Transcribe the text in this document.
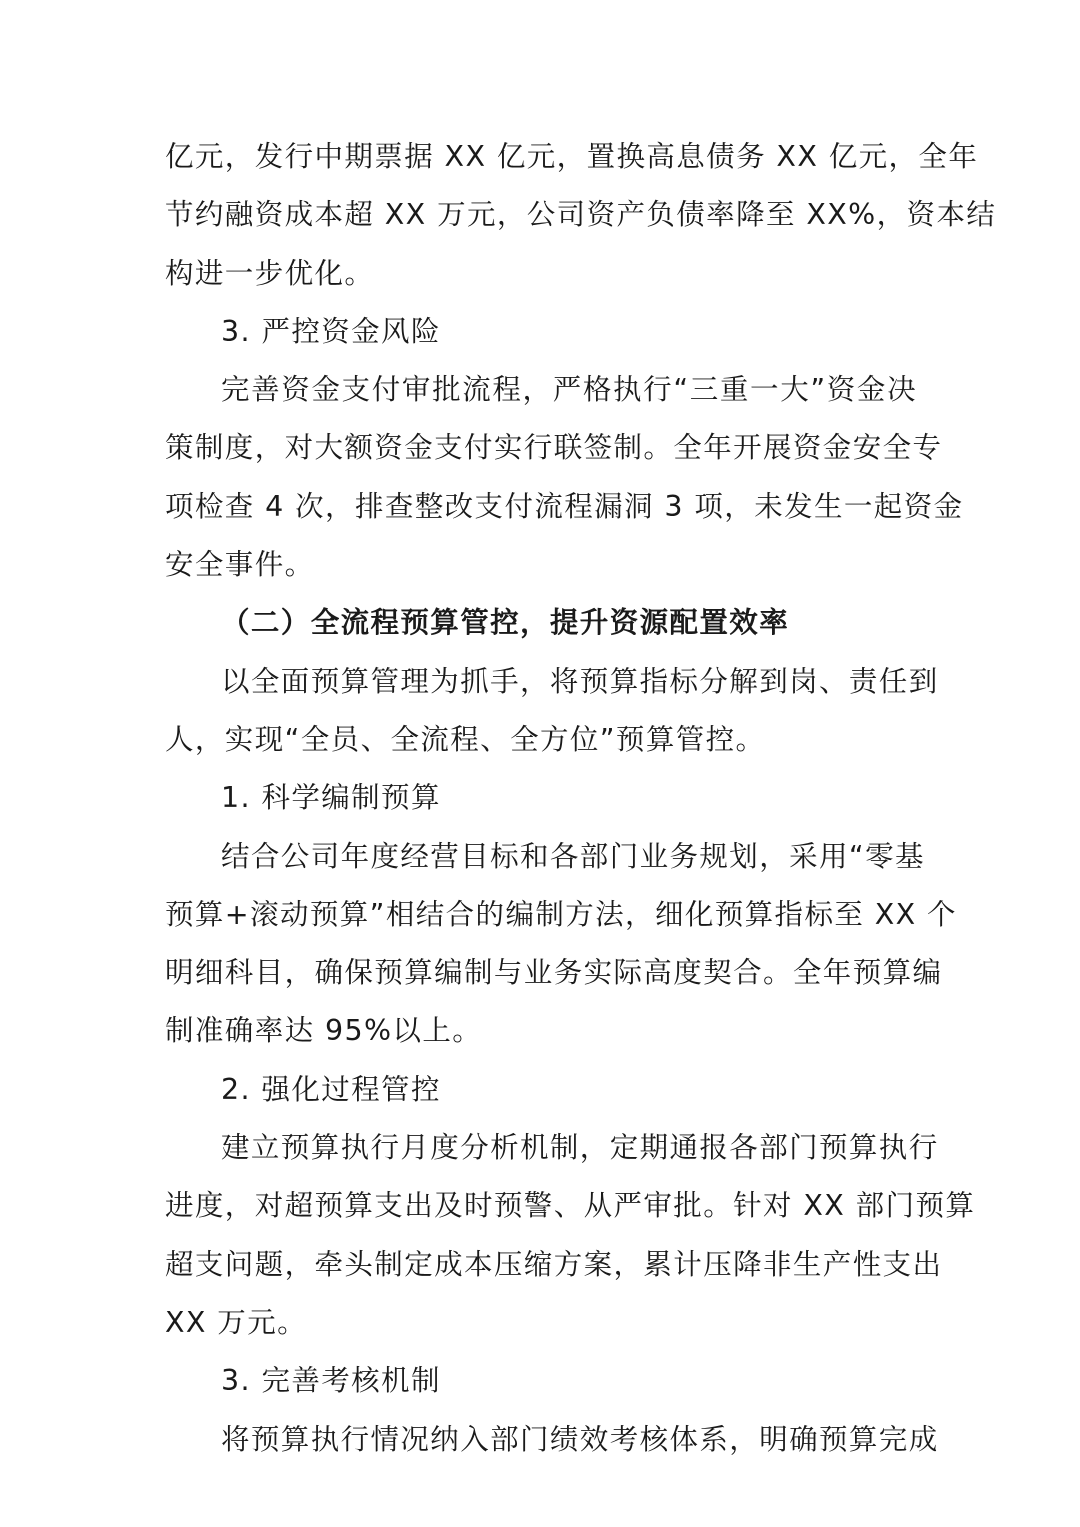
亿元，发行中期票据 XX 亿元，置换高息债务 XX 亿元，全年
节约融资成本超 XX 万元，公司资产负债率降至 XX%，资本结
构进一步优化。
3. 严控资金风险
完善资金支付审批流程，严格执行“三重一大”资金决
策制度，对大额资金支付实行联签制。全年开展资金安全专
项检查 4 次，排查整改支付流程漏洞 3 项，未发生一起资金
安全事件。
（二）全流程预算管控，提升资源配置效率
以全面预算管理为抓手，将预算指标分解到岗、责任到
人，实现“全员、全流程、全方位”预算管控。
1. 科学编制预算
结合公司年度经营目标和各部门业务规划，采用“零基
预算+滚动预算”相结合的编制方法，细化预算指标至 XX 个
明细科目，确保预算编制与业务实际高度契合。全年预算编
制准确率达 95%以上。
2. 强化过程管控
建立预算执行月度分析机制，定期通报各部门预算执行
进度，对超预算支出及时预警、从严审批。针对 XX 部门预算
超支问题，牵头制定成本压缩方案，累计压降非生产性支出
XX 万元。
3. 完善考核机制
将预算执行情况纳入部门绩效考核体系，明确预算完成
